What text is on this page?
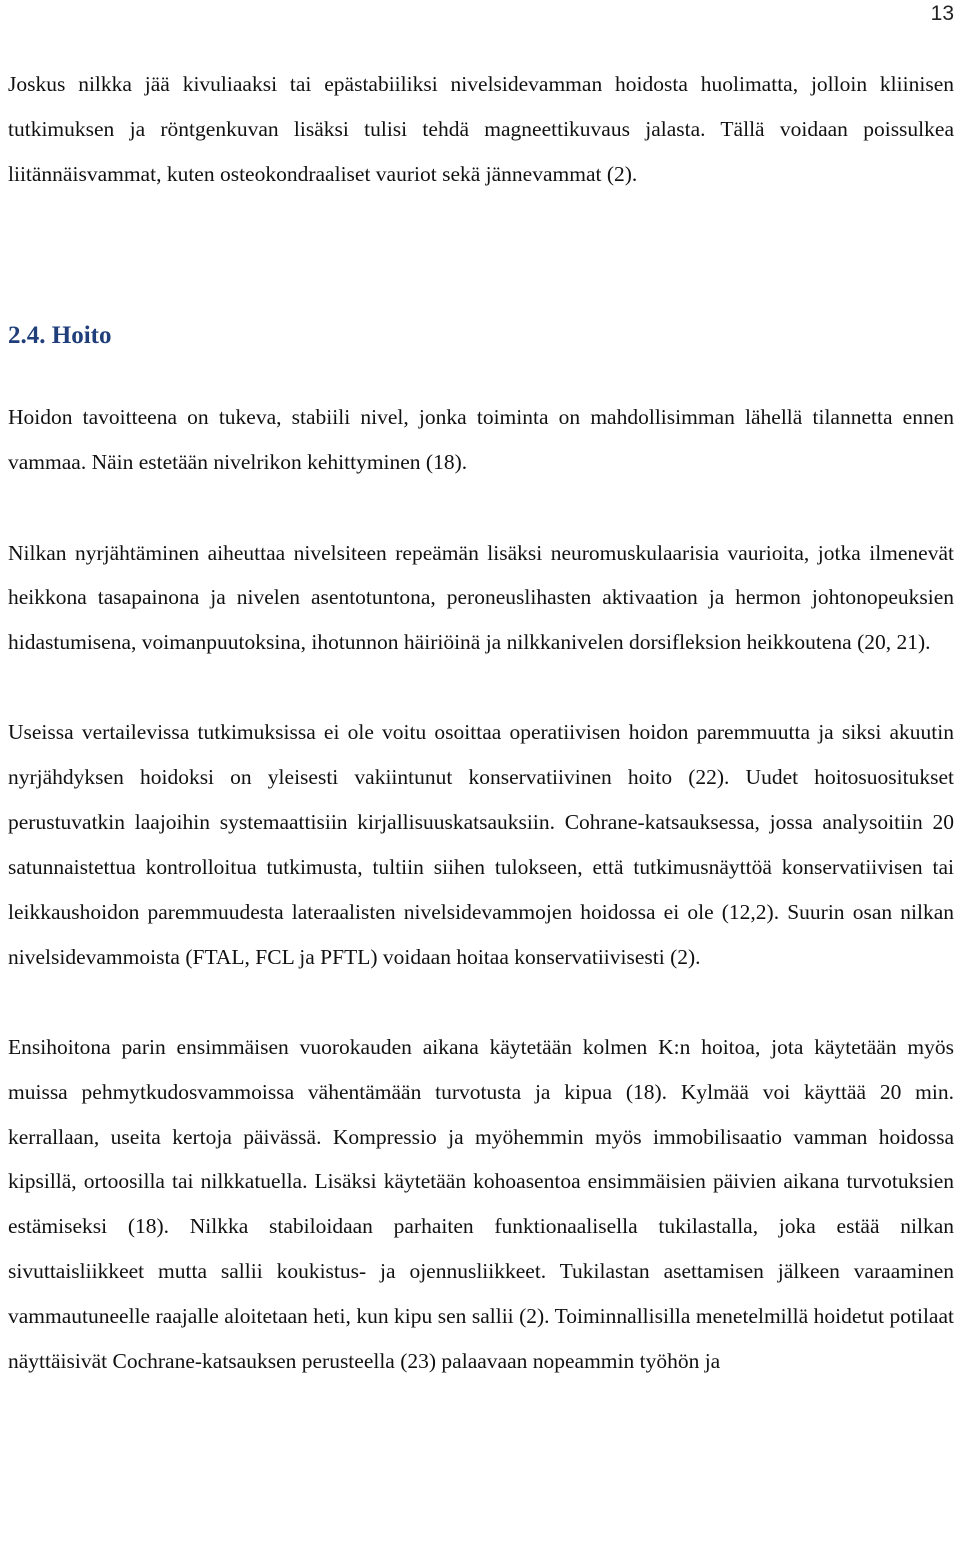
13

Joskus nilkka jää kivuliaaksi tai epästabiiliksi nivelsidevamman hoidosta huolimatta, jolloin kliinisen tutkimuksen ja röntgenkuvan lisäksi tulisi tehdä magneettikuvaus jalasta. Tällä voidaan poissulkea liitännäisvammat, kuten osteokondraaliset vauriot sekä jännevammat (2).

2.4. Hoito

Hoidon tavoitteena on tukeva, stabiili nivel, jonka toiminta on mahdollisimman lähellä tilannetta ennen vammaa. Näin estetään nivelrikon kehittyminen (18).

Nilkan nyrjähtäminen aiheuttaa nivelsiteen repeämän lisäksi neuromuskulaarisia vaurioita, jotka ilmenevät heikkona tasapainona ja nivelen asentotuntona, peroneuslihasten aktivaation ja hermon johtonopeuksien hidastumisena, voimanpuutoksina, ihotunnon häiriöinä ja nilkkanivelen dorsifleksion heikkoutena (20, 21).

Useissa vertailevissa tutkimuksissa ei ole voitu osoittaa operatiivisen hoidon paremmuutta ja siksi akuutin nyrjähdyksen hoidoksi on yleisesti vakiintunut konservatiivinen hoito (22). Uudet hoitosuositukset perustuvatkin laajoihin systemaattisiin kirjallisuuskatsauksiin. Cohrane-katsauksessa, jossa analysoitiin 20 satunnaistettua kontrolloitua tutkimusta, tultiin siihen tulokseen, että tutkimusnäyttöä konservatiivisen tai leikkaushoidon paremmuudesta lateraalisten nivelsidevammojen hoidossa ei ole (12,2). Suurin osan nilkan nivelsidevammoista (FTAL, FCL ja PFTL) voidaan hoitaa konservatiivisesti (2).

Ensihoitona parin ensimmäisen vuorokauden aikana käytetään kolmen K:n hoitoa, jota käytetään myös muissa pehmytkudosvammoissa vähentämään turvotusta ja kipua (18). Kylmää voi käyttää 20 min. kerrallaan, useita kertoja päivässä. Kompressio ja myöhemmin myös immobilisaatio vamman hoidossa kipsillä, ortoosilla tai nilkkatuella. Lisäksi käytetään kohoasentoa ensimmäisien päivien aikana turvotuksien estämiseksi (18). Nilkka stabiloidaan parhaiten funktionaalisella tukilastalla, joka estää nilkan sivuttaisliikkeet mutta sallii koukistus- ja ojennusliikkeet. Tukilastan asettamisen jälkeen varaaminen vammautuneelle raajalle aloitetaan heti, kun kipu sen sallii (2). Toiminnallisilla menetelmillä hoidetut potilaat näyttäisivät Cochrane-katsauksen perusteella (23) palaavaan nopeammin työhön ja
